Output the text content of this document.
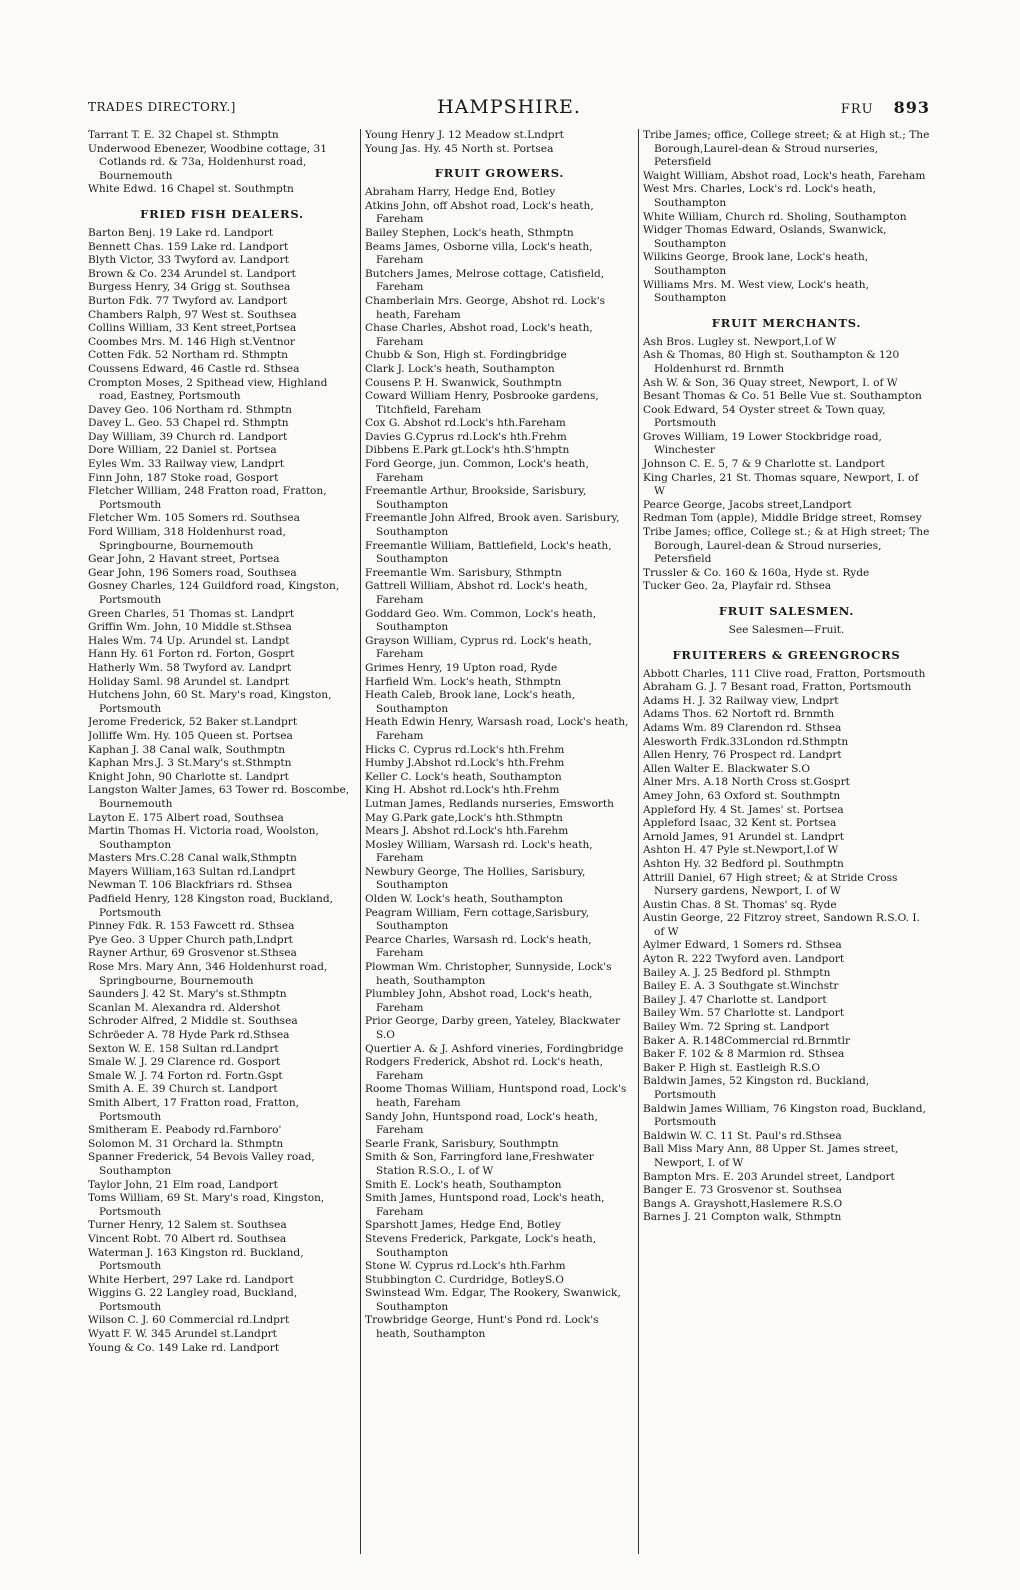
TRADES DIRECTORY.]	HAMPSHIRE.	FRU 893
Tarrant T. E. 32 Chapel st. Sthmptn
Underwood Ebenezer, Woodbine cottage, 31 Cotlands rd. & 73a, Holdenhurst road, Bournemouth
White Edwd. 16 Chapel st. Southmptn
FRIED FISH DEALERS.
Barton Benj. 19 Lake rd. Landport
Bennett Chas. 159 Lake rd. Landport
Blyth Victor, 33 Twyford av. Landport
Brown & Co. 234 Arundel st. Landport
Burgess Henry, 34 Grigg st. Southsea
Burton Fdk. 77 Twyford av. Landport
Chambers Ralph, 97 West st. Southsea
Collins William, 33 Kent street,Portsea
Coombes Mrs. M. 146 High st.Ventnor
Cotten Fdk. 52 Northam rd. Sthmptn
Coussens Edward, 46 Castle rd. Sthsea
Crompton Moses, 2 Spithead view, Highland road, Eastney, Portsmouth
Davey Geo. 106 Northam rd. Sthmptn
Davey L. Geo. 53 Chapel rd. Sthmptn
Day William, 39 Church rd. Landport
Dore William, 22 Daniel st. Portsea
Eyles Wm. 33 Railway view, Landprt
Finn John, 187 Stoke road, Gosport
Fletcher William, 248 Fratton road, Fratton, Portsmouth
Fletcher Wm. 105 Somers rd. Southsea
Ford William, 318 Holdenhurst road, Springbourne, Bournemouth
Gear John, 2 Havant street, Portsea
Gear John, 196 Somers road, Southsea
Gosney Charles, 124 Guildford road, Kingston, Portsmouth
Green Charles, 51 Thomas st. Landprt
Griffin Wm. John, 10 Middle st.Sthsea
Hales Wm. 74 Up. Arundel st. Landpt
Hann Hy. 61 Forton rd. Forton, Gosprt
Hatherly Wm. 58 Twyford av. Landprt
Holiday Saml. 98 Arundel st. Landprt
Hutchens John, 60 St. Mary's road, Kingston, Portsmouth
Jerome Frederick, 52 Baker st.Landprt
Jolliffe Wm. Hy. 105 Queen st. Portsea
Kaphan J. 38 Canal walk, Southmptn
Kaphan Mrs.J. 3 St.Mary's st.Sthmptn
Knight John, 90 Charlotte st. Landprt
Langston Walter James, 63 Tower rd. Boscombe, Bournemouth
Layton E. 175 Albert road, Southsea
Martin Thomas H. Victoria road, Woolston, Southampton
Masters Mrs.C.28 Canal walk,Sthmptn
Mayers William,163 Sultan rd.Landprt
Newman T. 106 Blackfriars rd. Sthsea
Padfield Henry, 128 Kingston road, Buckland, Portsmouth
Pinney Fdk. R. 153 Fawcett rd. Sthsea
Pye Geo. 3 Upper Church path,Lndprt
Rayner Arthur, 69 Grosvenor st.Sthsea
Rose Mrs. Mary Ann, 346 Holdenhurst road, Springbourne, Bournemouth
Saunders J. 42 St. Mary's st.Sthmptn
Scanlan M. Alexandra rd. Aldershot
Schroder Alfred, 2 Middle st. Southsea
Schröeder A. 78 Hyde Park rd.Sthsea
Sexton W. E. 158 Sultan rd.Landprt
Smale W. J. 29 Clarence rd. Gosport
Smale W. J. 74 Forton rd. Fortn.Gspt
Smith A. E. 39 Church st. Landport
Smith Albert, 17 Fratton road, Fratton, Portsmouth
Smitheram E. Peabody rd.Farnboro'
Solomon M. 31 Orchard la. Sthmptn
Spanner Frederick, 54 Bevois Valley road, Southampton
Taylor John, 21 Elm road, Landport
Toms William, 69 St. Mary's road, Kingston, Portsmouth
Turner Henry, 12 Salem st. Southsea
Vincent Robt. 70 Albert rd. Southsea
Waterman J. 163 Kingston rd. Buckland, Portsmouth
White Herbert, 297 Lake rd. Landport
Wiggins G. 22 Langley road, Buckland, Portsmouth
Wilson C. J. 60 Commercial rd.Lndprt
Wyatt F. W. 345 Arundel st.Landprt
Young & Co. 149 Lake rd. Landport
Young Henry J. 12 Meadow st.Lndprt
Young Jas. Hy. 45 North st. Portsea
FRUIT GROWERS.
Abraham Harry, Hedge End, Botley
Atkins John, off Abshot road, Lock's heath, Fareham
Bailey Stephen, Lock's heath, Sthmptn
Beams James, Osborne villa, Lock's heath, Fareham
Butchers James, Melrose cottage, Catisfield, Fareham
Chamberlain Mrs. George, Abshot rd. Lock's heath, Fareham
Chase Charles, Abshot road, Lock's heath, Fareham
Chubb & Son, High st. Fordingbridge
Clark J. Lock's heath, Southampton
Cousens P. H. Swanwick, Southmptn
Coward William Henry, Posbrooke gardens, Titchfield, Fareham
Cox G. Abshot rd.Lock's hth.Fareham
Davies G.Cyprus rd.Lock's hth.Frehm
Dibbens E.Park gt.Lock's hth.S'hmptn
Ford George, jun. Common, Lock's heath, Fareham
Freemantle Arthur, Brookside, Sarisbury, Southampton
Freemantle John Alfred, Brook aven. Sarisbury, Southampton
Freemantle William, Battlefield, Lock's heath, Southampton
Freemantle Wm. Sarisbury, Sthmptn
Gattrell William, Abshot rd. Lock's heath, Fareham
Goddard Geo. Wm. Common, Lock's heath, Southampton
Grayson William, Cyprus rd. Lock's heath, Fareham
Grimes Henry, 19 Upton road, Ryde
Harfield Wm. Lock's heath, Sthmptn
Heath Caleb, Brook lane, Lock's heath, Southampton
Heath Edwin Henry, Warsash road, Lock's heath, Fareham
Hicks C. Cyprus rd.Lock's hth.Frehm
Humby J.Abshot rd.Lock's hth.Frehm
Keller C. Lock's heath, Southampton
King H. Abshot rd.Lock's hth.Frehm
Lutman James, Redlands nurseries, Emsworth
May G.Park gate,Lock's hth.Sthmptn
Mears J. Abshot rd.Lock's hth.Farehm
Mosley William, Warsash rd. Lock's heath, Fareham
Newbury George, The Hollies, Sarisbury, Southampton
Olden W. Lock's heath, Southampton
Peagram William, Fern cottage,Sarisbury, Southampton
Pearce Charles, Warsash rd. Lock's heath, Fareham
Plowman Wm. Christopher, Sunnyside, Lock's heath, Southampton
Plumbley John, Abshot road, Lock's heath, Fareham
Prior George, Darby green, Yateley, Blackwater S.O
Quertier A. & J. Ashford vineries, Fordingbridge
Rodgers Frederick, Abshot rd. Lock's heath, Fareham
Roome Thomas William, Huntspond road, Lock's heath, Fareham
Sandy John, Huntspond road, Lock's heath, Fareham
Searle Frank, Sarisbury, Southmptn
Smith & Son, Farringford lane,Freshwater Station R.S.O., I. of W
Smith E. Lock's heath, Southampton
Smith James, Huntspond road, Lock's heath, Fareham
Sparshott James, Hedge End, Botley
Stevens Frederick, Parkgate, Lock's heath, Southampton
Stone W. Cyprus rd.Lock's hth.Farhm
Stubbington C. Curdridge, BotleyS.O
Swinstead Wm. Edgar, The Rookery, Swanwick, Southampton
Trowbridge George, Hunt's Pond rd. Lock's heath, Southampton
Tribe James; office, College street; & at High st.; The Borough,Laurel-dean & Stroud nurseries, Petersfield
Waight William, Abshot road, Lock's heath, Fareham
West Mrs. Charles, Lock's rd. Lock's heath, Southampton
White William, Church rd. Sholing, Southampton
Widger Thomas Edward, Oslands, Swanwick, Southampton
Wilkins George, Brook lane, Lock's heath, Southampton
Williams Mrs. M. West view, Lock's heath, Southampton
FRUIT MERCHANTS.
Ash Bros. Lugley st. Newport,I.of W
Ash & Thomas, 80 High st. Southampton & 120 Holdenhurst rd. Brnmth
Ash W. & Son, 36 Quay street, Newport, I. of W
Besant Thomas & Co. 51 Belle Vue st. Southampton
Cook Edward, 54 Oyster street & Town quay, Portsmouth
Groves William, 19 Lower Stockbridge road, Winchester
Johnson C. E. 5, 7 & 9 Charlotte st. Landport
King Charles, 21 St. Thomas square, Newport, I. of W
Pearce George, Jacobs street,Landport
Redman Tom (apple), Middle Bridge street, Romsey
Tribe James; office, College st.; & at High street; The Borough, Laurel-dean & Stroud nurseries, Petersfield
Trussler & Co. 160 & 160a, Hyde st. Ryde
Tucker Geo. 2a, Playfair rd. Sthsea
FRUIT SALESMEN.
See Salesmen—Fruit.
FRUITERERS & GREENGROCRS
Abbott Charles, 111 Clive road, Fratton, Portsmouth
Abraham G. J. 7 Besant road, Fratton, Portsmouth
Adams H. J. 32 Railway view, Lndprt
Adams Thos. 62 Nortoft rd. Brnmth
Adams Wm. 89 Clarendon rd. Sthsea
Alesworth Frdk.33London rd.Sthmptn
Allen Henry, 76 Prospect rd. Landprt
Allen Walter E. Blackwater S.O
Alner Mrs. A.18 North Cross st.Gosprt
Amey John, 63 Oxford st. Southmptn
Appleford Hy. 4 St. James' st. Portsea
Appleford Isaac, 32 Kent st. Portsea
Arnold James, 91 Arundel st. Landprt
Ashton H. 47 Pyle st.Newport,I.of W
Ashton Hy. 32 Bedford pl. Southmptn
Attrill Daniel, 67 High street; & at Stride Cross Nursery gardens, Newport, I. of W
Austin Chas. 8 St. Thomas' sq. Ryde
Austin George, 22 Fitzroy street, Sandown R.S.O. I. of W
Aylmer Edward, 1 Somers rd. Sthsea
Ayton R. 222 Twyford aven. Landport
Bailey A. J. 25 Bedford pl. Sthmptn
Bailey E. A. 3 Southgate st.Winchstr
Bailey J. 47 Charlotte st. Landport
Bailey Wm. 57 Charlotte st. Landport
Bailey Wm. 72 Spring st. Landport
Baker A. R.148Commercial rd.Brnmtlr
Baker F. 102 & 8 Marmion rd. Sthsea
Baker P. High st. Eastleigh R.S.O
Baldwin James, 52 Kingston rd. Buckland, Portsmouth
Baldwin James William, 76 Kingston road, Buckland, Portsmouth
Baldwin W. C. 11 St. Paul's rd.Sthsea
Ball Miss Mary Ann, 88 Upper St. James street, Newport, I. of W
Bampton Mrs. E. 203 Arundel street, Landport
Banger E. 73 Grosvenor st. Southsea
Bangs A. Grayshott,Haslemere R.S.O
Barnes J. 21 Compton walk, Sthmptn
